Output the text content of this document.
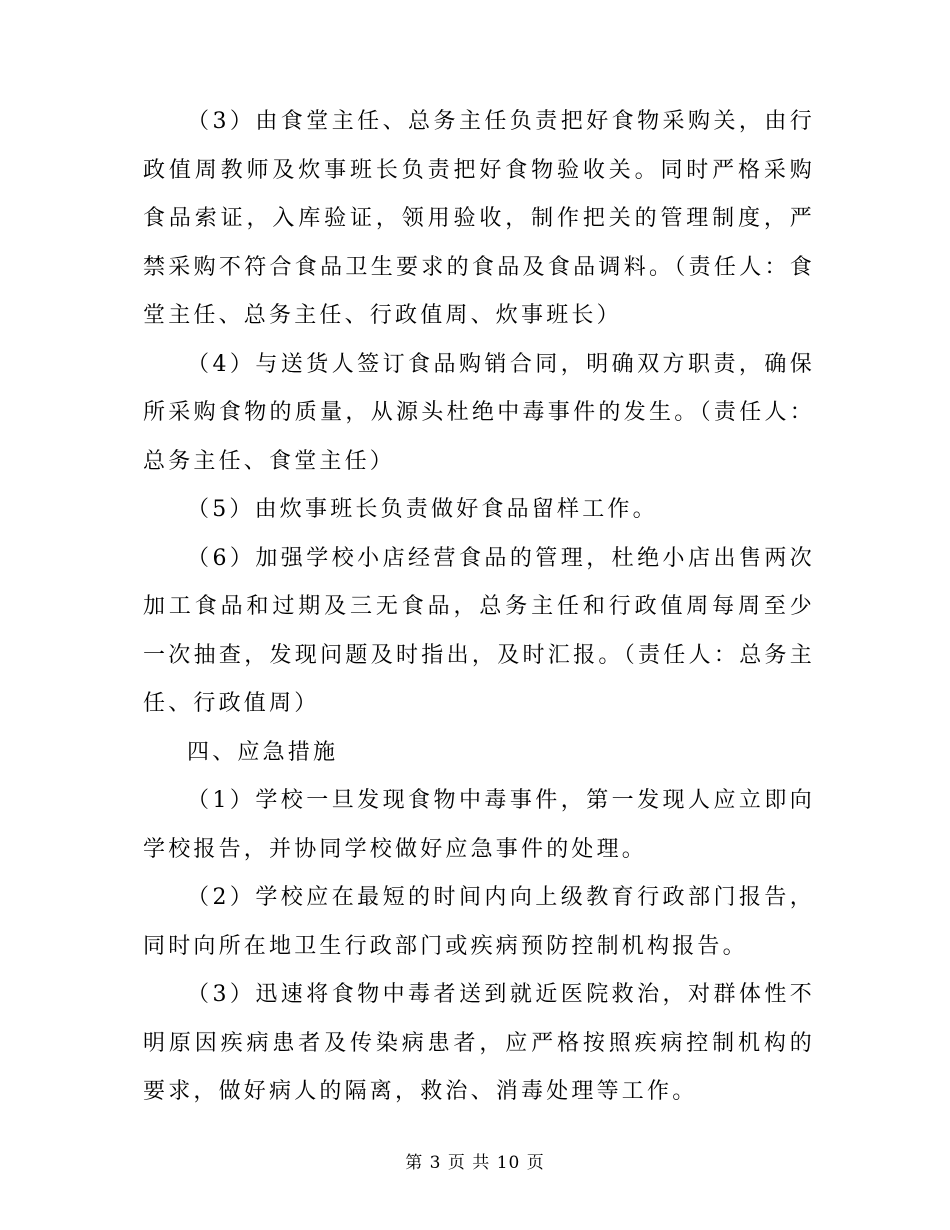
（3）由食堂主任、总务主任负责把好食物采购关，由行政值周教师及炊事班长负责把好食物验收关。同时严格采购食品索证，入库验证，领用验收，制作把关的管理制度，严禁采购不符合食品卫生要求的食品及食品调料。（责任人：食堂主任、总务主任、行政值周、炊事班长）

（4）与送货人签订食品购销合同，明确双方职责，确保所采购食物的质量，从源头杜绝中毒事件的发生。（责任人：总务主任、食堂主任）

（5）由炊事班长负责做好食品留样工作。

（6）加强学校小店经营食品的管理，杜绝小店出售两次加工食品和过期及三无食品，总务主任和行政值周每周至少一次抽查，发现问题及时指出，及时汇报。（责任人：总务主任、行政值周）

四、应急措施

（1）学校一旦发现食物中毒事件，第一发现人应立即向学校报告，并协同学校做好应急事件的处理。

（2）学校应在最短的时间内向上级教育行政部门报告，同时向所在地卫生行政部门或疾病预防控制机构报告。

（3）迅速将食物中毒者送到就近医院救治，对群体性不明原因疾病患者及传染病患者，应严格按照疾病控制机构的要求，做好病人的隔离，救治、消毒处理等工作。

第 3 页 共 10 页
